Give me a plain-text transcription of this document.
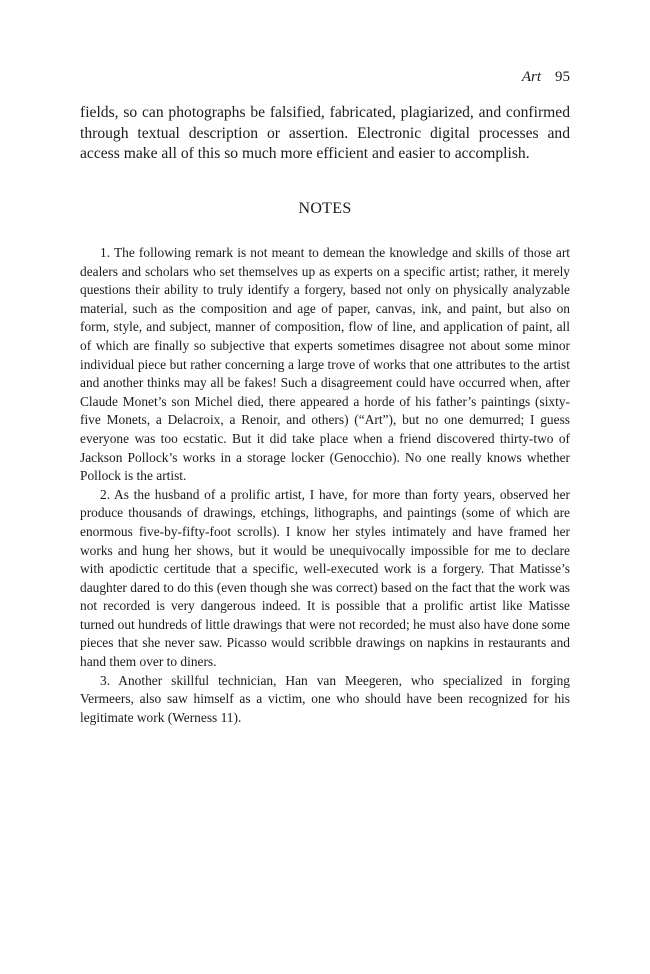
Art 95

fields, so can photographs be falsified, fabricated, plagiarized, and confirmed through textual description or assertion. Electronic digital processes and access make all of this so much more efficient and easier to accomplish.

NOTES

1. The following remark is not meant to demean the knowledge and skills of those art dealers and scholars who set themselves up as experts on a specific artist; rather, it merely questions their ability to truly identify a forgery, based not only on physically analyzable material, such as the composition and age of paper, canvas, ink, and paint, but also on form, style, and subject, manner of composition, flow of line, and application of paint, all of which are finally so subjective that experts sometimes disagree not about some minor individual piece but rather concerning a large trove of works that one attributes to the artist and another thinks may all be fakes! Such a disagreement could have occurred when, after Claude Monet’s son Michel died, there appeared a horde of his father’s paintings (sixty-five Monets, a Delacroix, a Renoir, and others) (“Art”), but no one demurred; I guess everyone was too ecstatic. But it did take place when a friend discovered thirty-two of Jackson Pollock’s works in a storage locker (Genocchio). No one really knows whether Pollock is the artist.

2. As the husband of a prolific artist, I have, for more than forty years, observed her produce thousands of drawings, etchings, lithographs, and paintings (some of which are enormous five-by-fifty-foot scrolls). I know her styles intimately and have framed her works and hung her shows, but it would be unequivocally impossible for me to declare with apodictic certitude that a specific, well-executed work is a forgery. That Matisse’s daughter dared to do this (even though she was correct) based on the fact that the work was not recorded is very dangerous indeed. It is possible that a prolific artist like Matisse turned out hundreds of little drawings that were not recorded; he must also have done some pieces that she never saw. Picasso would scribble drawings on napkins in restaurants and hand them over to diners.

3. Another skillful technician, Han van Meegeren, who specialized in forging Vermeers, also saw himself as a victim, one who should have been recognized for his legitimate work (Werness 11).
